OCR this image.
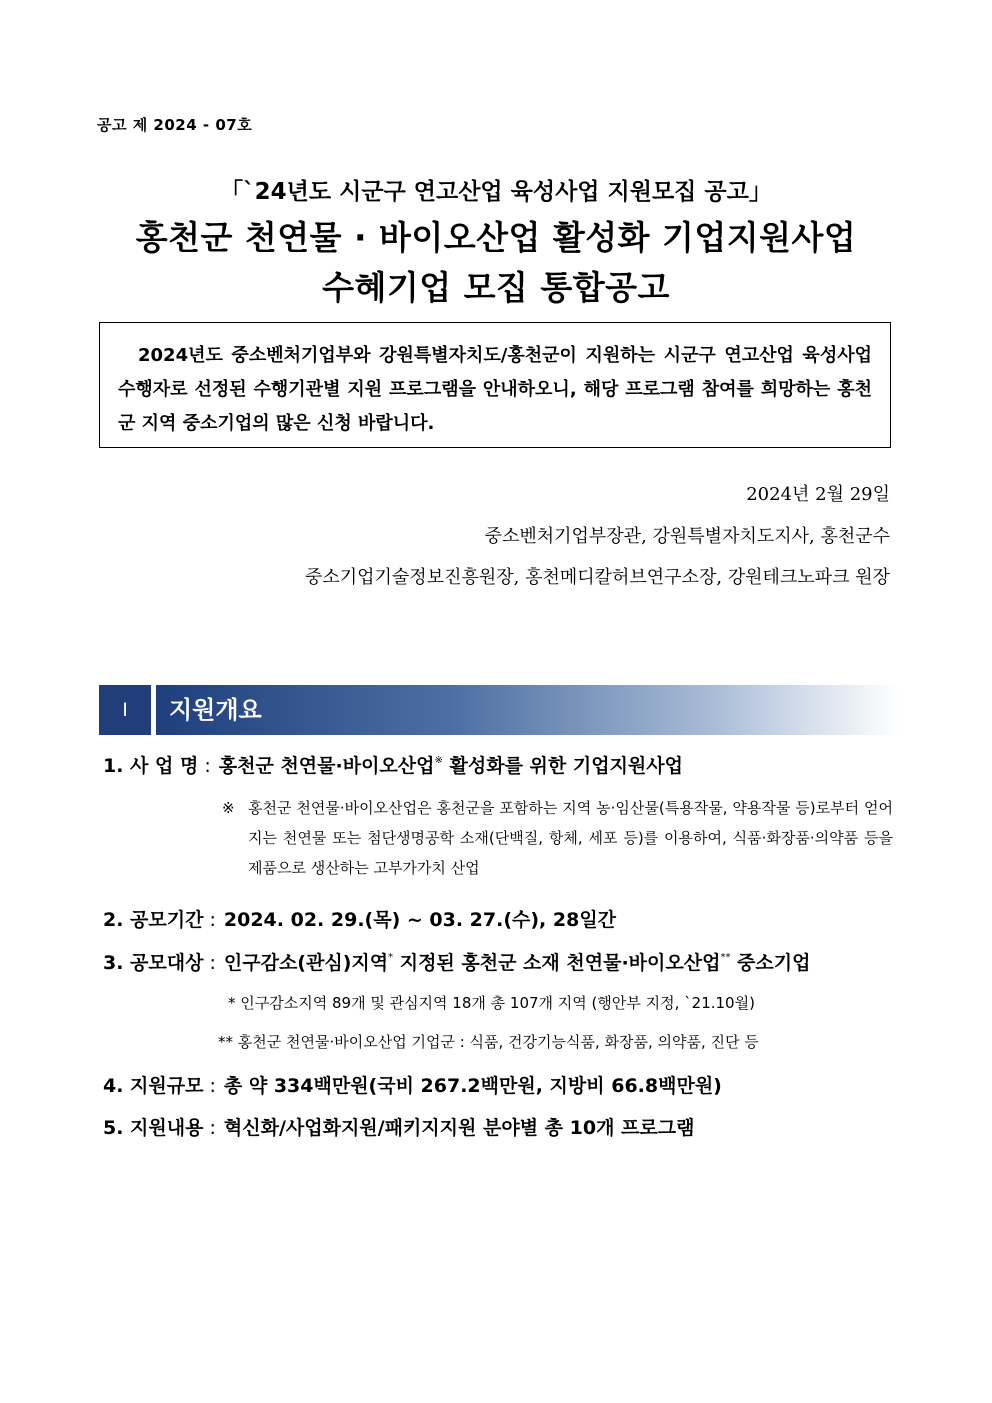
공고 제 2024 - 07호
「`24년도 시군구 연고산업 육성사업 지원모집 공고」
홍천군 천연물 · 바이오산업 활성화 기업지원사업
수혜기업 모집 통합공고

2024년도 중소벤처기업부와 강원특별자치도/홍천군이 지원하는 시군구 연고산업 육성사업 수행자로 선정된 수행기관별 지원 프로그램을 안내하오니, 해당 프로그램 참여를 희망하는 홍천군 지역 중소기업의 많은 신청 바랍니다.

2024년 2월 29일
중소벤처기업부장관, 강원특별자치도지사, 홍천군수
중소기업기술정보진흥원장, 홍천메디칼허브연구소장, 강원테크노파크 원장
Ⅰ	지원개요
1. 사 업 명 : 홍천군 천연물·바이오산업※ 활성화를 위한 기업지원사업
※ 홍천군 천연물·바이오산업은 홍천군을 포함하는 지역 농·임산물(특용작물, 약용작물 등)로부터 얻어지는 천연물 또는 첨단생명공학 소재(단백질, 항체, 세포 등)를 이용하여, 식품·화장품·의약품 등을 제품으로 생산하는 고부가가치 산업
2. 공모기간 : 2024. 02. 29.(목) ~ 03. 27.(수), 28일간
3. 공모대상 : 인구감소(관심)지역* 지정된 홍천군 소재 천연물·바이오산업** 중소기업
* 인구감소지역 89개 및 관심지역 18개 총 107개 지역 (행안부 지정, `21.10월)
** 홍천군 천연물·바이오산업 기업군 : 식품, 건강기능식품, 화장품, 의약품, 진단 등
4. 지원규모 : 총 약 334백만원(국비 267.2백만원, 지방비 66.8백만원)
5. 지원내용 : 혁신화/사업화지원/패키지지원 분야별 총 10개 프로그램
